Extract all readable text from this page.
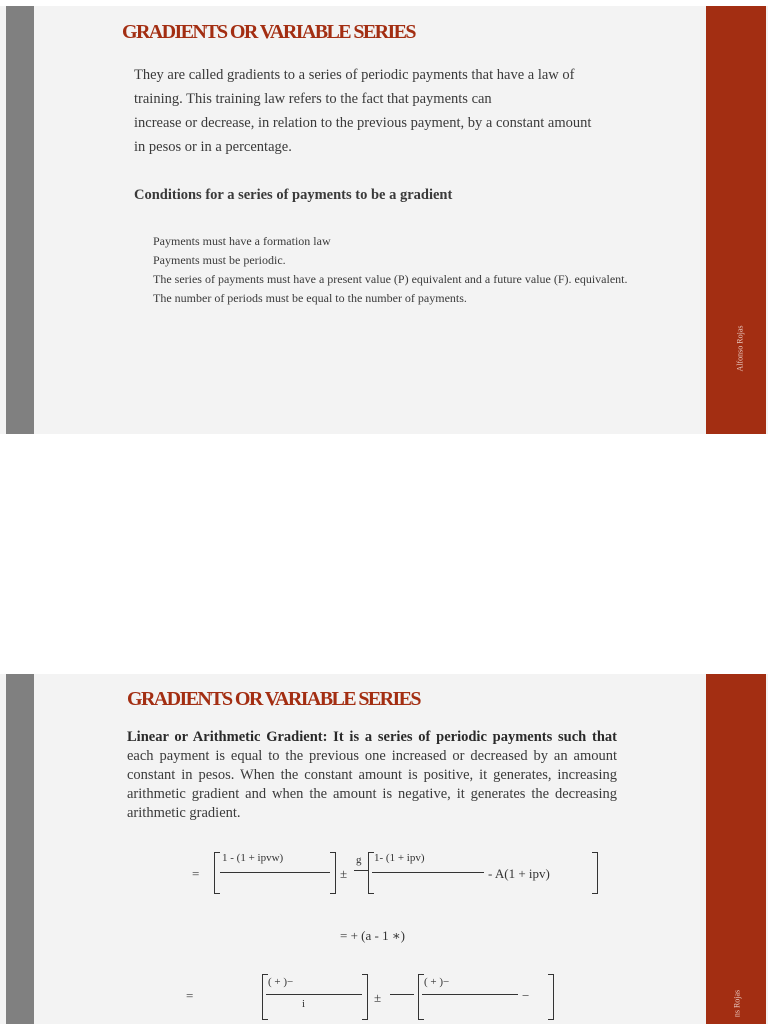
Alfonso Rojas
GRADIENTS OR VARIABLE SERIES
They are called gradients to a series of periodic payments that have a law of
training. This training law refers to the fact that payments can
increase or decrease, in relation to the previous payment, by a constant amount
in pesos or in a percentage.
Conditions for a series of payments to be a gradient
Payments must have a formation law
Payments must be periodic.
The series of payments must have a present value (P) equivalent and a future value (F). equivalent.
The number of periods must be equal to the number of payments.
ns Rojas
GRADIENTS OR VARIABLE SERIES
Linear or Arithmetic Gradient: It is a series of periodic payments such that each payment is equal to the previous one increased or decreased by an amount constant in pesos. When the constant amount is positive, it generates, increasing arithmetic gradient and when the amount is negative, it generates the decreasing arithmetic gradient.
=
1 - (1 + ipvw)
±
g 1- (1 + ipv)
- A(1 + ipv)
= + (a - 1 ∗)
=
( + )−
i	±
( + )−
−
